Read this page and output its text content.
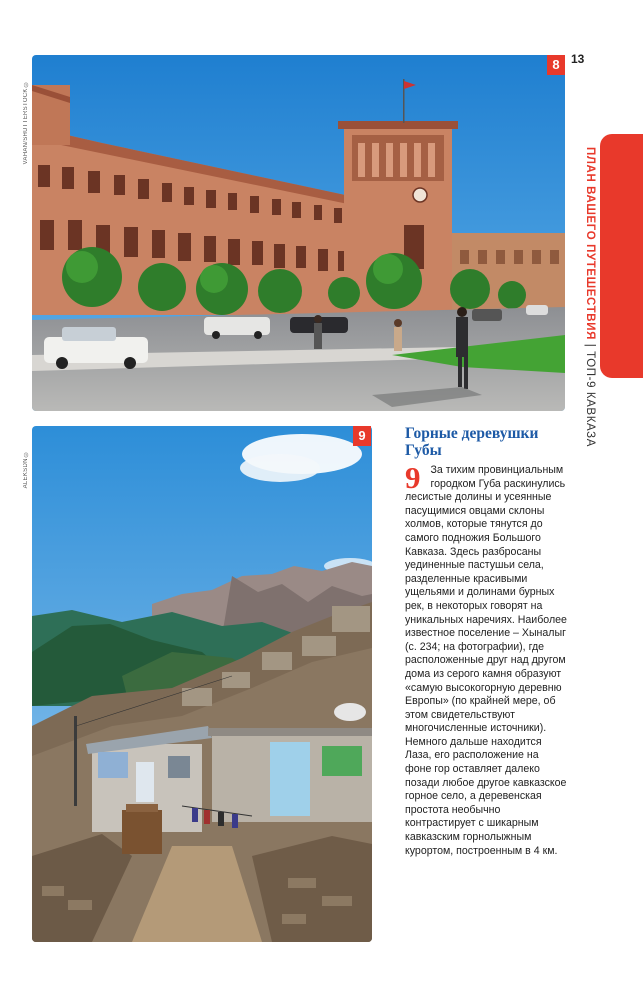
8
VAHAN/SHUTTERSTOCK ©
13
ПЛАН ВАШЕГО ПУТЕШЕСТВИЯ | ТОП-9 КАВКАЗА
9
ALEKSDN ©
Горные деревушки Губы
9 За тихим провинциальным городком Губа раскинулись лесистые долины и усеянные пасущимися овцами склоны холмов, которые тянутся до самого подножия Большого Кавказа. Здесь разбросаны уединенные пастушьи села, разделенные красивыми ущельями и долинами бурных рек, в некоторых говорят на уникальных наречиях. Наиболее известное поселение – Хыналыг (с. 234; на фотографии), где расположенные друг над другом дома из серого камня образуют «самую высокогорную деревню Европы» (по крайней мере, об этом свидетельствуют многочисленные источники). Немного дальше находится Лаза, его расположение на фоне гор оставляет далеко позади любое другое кавказское горное село, а деревенская простота необычно контрастирует с шикарным кавказским горнолыжным курортом, построенным в 4 км.
